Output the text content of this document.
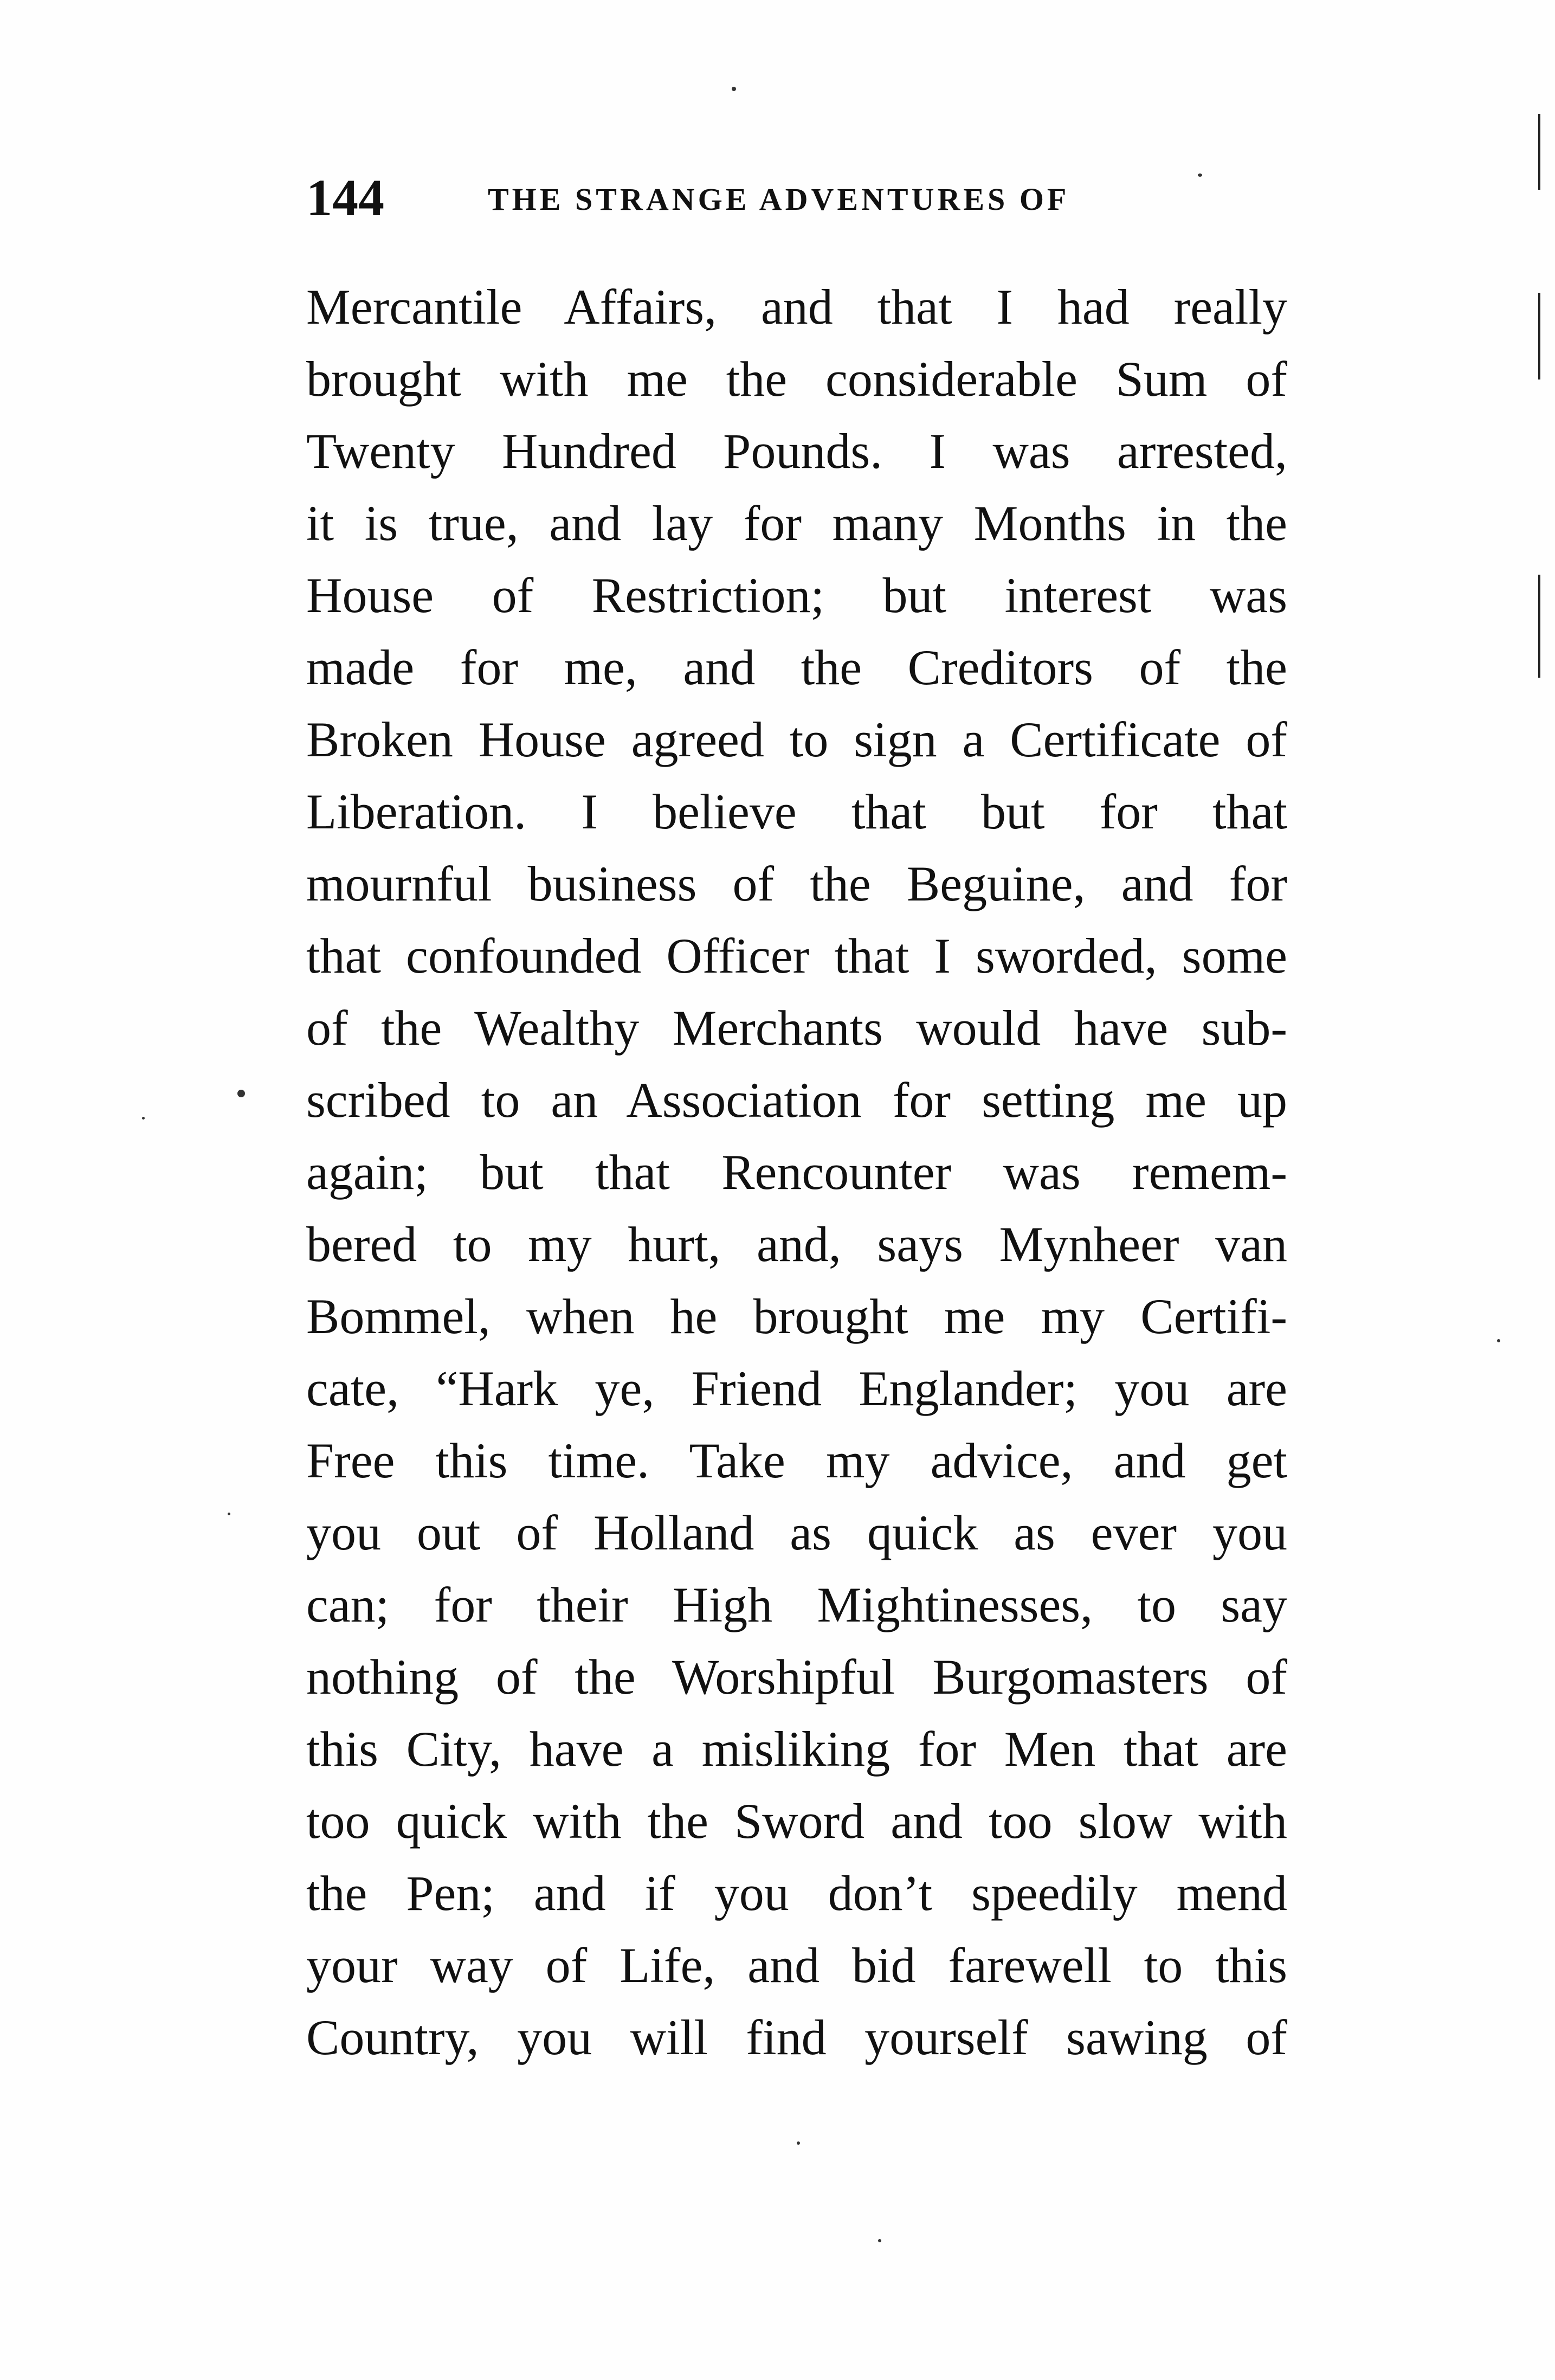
144	THE STRANGE ADVENTURES OF
Mercantile Affairs, and that I had really
brought with me the considerable Sum of
Twenty Hundred Pounds. I was arrested,
it is true, and lay for many Months in the
House of Restriction; but interest was
made for me, and the Creditors of the
Broken House agreed to sign a Certificate of
Liberation. I believe that but for that
mournful business of the Beguine, and for
that confounded Officer that I sworded, some
of the Wealthy Merchants would have sub-
scribed to an Association for setting me up
again; but that Rencounter was remem-
bered to my hurt, and, says Mynheer van
Bommel, when he brought me my Certifi-
cate, “Hark ye, Friend Englander; you are
Free this time. Take my advice, and get
you out of Holland as quick as ever you
can; for their High Mightinesses, to say
nothing of the Worshipful Burgomasters of
this City, have a misliking for Men that are
too quick with the Sword and too slow with
the Pen; and if you don’t speedily mend
your way of Life, and bid farewell to this
Country, you will find yourself sawing of
